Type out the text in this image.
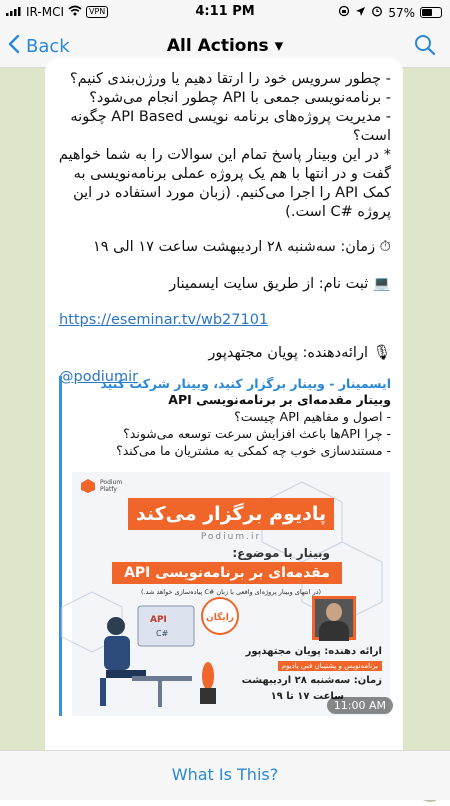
IR-MCI	VPN	4:11 PM	57%
Back	All Actions ▾
- چطور سرویس خود را ارتقا دهیم یا ورژن‌بندی کنیم؟
- برنامه‌نویسی جمعی با API چطور انجام می‌شود؟
- مدیریت پروژه‌های برنامه نویسی API Based چگونه است؟
* در این وبینار پاسخ تمام این سوالات را به شما خواهیم گفت و در انتها با هم یک پروژه عملی برنامه‌نویسی به کمک API را اجرا می‌کنیم. (زبان مورد استفاده در این پروژه #C است.)
⏱ زمان: سه‌شنبه ۲۸ اردیبهشت ساعت ۱۷ الی ۱۹
💻 ثبت نام: از طریق سایت ایسمینار
https://eseminar.tv/wb27101
🎙 ارائه‌دهنده: پویان مجتهدپور
@podiumir
ایسمینار - وبینار برگزار کنید، وبینار شرکت کنید
وبینار مقدمه‌ای بر برنامه‌نویسی API
- اصول و مفاهیم API چیست؟
- چرا APIها باعث افزایش سرعت توسعه می‌شوند؟
- مستندسازی خوب چه کمکی به مشتریان ما می‌کند؟
Podium
Platfy
پادیوم برگزار می‌کند
Podium.ir
وبینار با موضوع:
مقدمه‌ای بر برنامه‌نویسی API
(در انتهای وبینار پروژه‌ای واقعی با زبان #C پیاده‌سازی خواهد شد.)
API
C#
رایگان
ارائه دهنده: پویان مجتهدپور
برنامه‌نویس و پشتیبان فنی پادیوم
زمان: سه‌شنبه ۲۸ اردیبهشت
ساعت ۱۷ تا ۱۹
11:00 AM
What Is This?
